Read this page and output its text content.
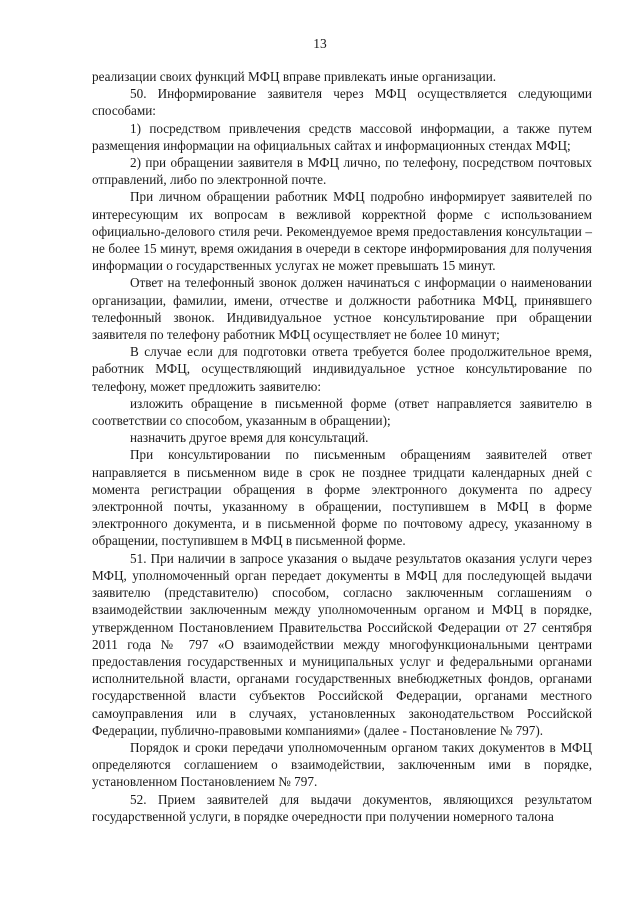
13

реализации своих функций МФЦ вправе привлекать иные организации.

50. Информирование заявителя через МФЦ осуществляется следующими способами:

1) посредством привлечения средств массовой информации, а также путем размещения информации на официальных сайтах и информационных стендах МФЦ;

2) при обращении заявителя в МФЦ лично, по телефону, посредством почтовых отправлений, либо по электронной почте.

При личном обращении работник МФЦ подробно информирует заявителей по интересующим их вопросам в вежливой корректной форме с использованием официально-делового стиля речи. Рекомендуемое время предоставления консультации – не более 15 минут, время ожидания в очереди в секторе информирования для получения информации о государственных услугах не может превышать 15 минут.

Ответ на телефонный звонок должен начинаться с информации о наименовании организации, фамилии, имени, отчестве и должности работника МФЦ, принявшего телефонный звонок. Индивидуальное устное консультирование при обращении заявителя по телефону работник МФЦ осуществляет не более 10 минут;

В случае если для подготовки ответа требуется более продолжительное время, работник МФЦ, осуществляющий индивидуальное устное консультирование по телефону, может предложить заявителю:

изложить обращение в письменной форме (ответ направляется заявителю в соответствии со способом, указанным в обращении);

назначить другое время для консультаций.

При консультировании по письменным обращениям заявителей ответ направляется в письменном виде в срок не позднее тридцати календарных дней с момента регистрации обращения в форме электронного документа по адресу электронной почты, указанному в обращении, поступившем в МФЦ в форме электронного документа, и в письменной форме по почтовому адресу, указанному в обращении, поступившем в МФЦ в письменной форме.

51. При наличии в запросе указания о выдаче результатов оказания услуги через МФЦ, уполномоченный орган передает документы в МФЦ для последующей выдачи заявителю (представителю) способом, согласно заключенным соглашениям о взаимодействии заключенным между уполномоченным органом и МФЦ в порядке, утвержденном Постановлением Правительства Российской Федерации от 27 сентября 2011 года № 797 «О взаимодействии между многофункциональными центрами предоставления государственных и муниципальных услуг и федеральными органами исполнительной власти, органами государственных внебюджетных фондов, органами государственной власти субъектов Российской Федерации, органами местного самоуправления или в случаях, установленных законодательством Российской Федерации, публично-правовыми компаниями» (далее - Постановление № 797).

Порядок и сроки передачи уполномоченным органом таких документов в МФЦ определяются соглашением о взаимодействии, заключенным ими в порядке, установленном Постановлением № 797.

52. Прием заявителей для выдачи документов, являющихся результатом государственной услуги, в порядке очередности при получении номерного талона
